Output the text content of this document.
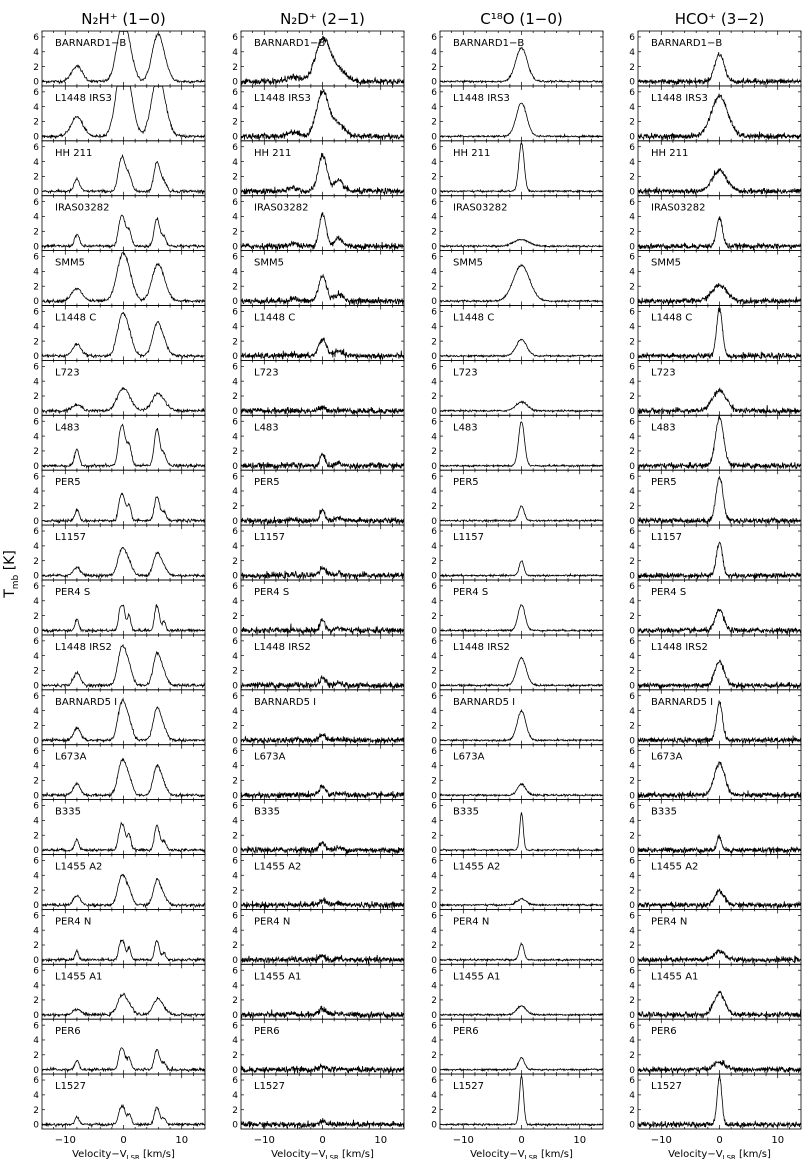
0
2
4
6 BARNARD1−B
0
2
4
6 L1448 IRS3
0
2
4
6 HH 211
0
2
4
6 IRAS03282
0
2
4
6 SMM5
0
2
4
6 L1448 C
0
2
4
6 L723
0
2
4
6 L483
0
2
4
6 PER5
0
2
4
6 L1157
0
2
4
6 PER4 S
0
2
4
6 L1448 IRS2
0
2
4
6 BARNARD5 I
0
2
4
6 L673A
0
2
4
6 B335
0
2
4
6 L1455 A2
0
2
4
6 PER4 N
0
2
4
6 L1455 A1
0
2
4
6 PER6
0
2
4
6 L1527
0
2
4
6 BARNARD1−B
0
2
4
6 L1448 IRS3
0
2
4
6 HH 211
0
2
4
6 IRAS03282
0
2
4
6 SMM5
0
2
4
6 L1448 C
0
2
4
6 L723
0
2
4
6 L483
0
2
4
6 PER5
0
2
4
6 L1157
0
2
4
6 PER4 S
0
2
4
6 L1448 IRS2
0
2
4
6 BARNARD5 I
0
2
4
6 L673A
0
2
4
6 B335
0
2
4
6 L1455 A2
0
2
4
6 PER4 N
0
2
4
6 L1455 A1
0
2
4
6 PER6
0
2
4
6 L1527
0
2
4
6 BARNARD1−B
0
2
4
6 L1448 IRS3
0
2
4
6 HH 211
0
2
4
6 IRAS03282
0
2
4
6 SMM5
0
2
4
6 L1448 C
0
2
4
6 L723
0
2
4
6 L483
0
2
4
6 PER5
0
2
4
6 L1157
0
2
4
6 PER4 S
0
2
4
6 L1448 IRS2
0
2
4
6 BARNARD5 I
0
2
4
6 L673A
0
2
4
6 B335
0
2
4
6 L1455 A2
0
2
4
6 PER4 N
0
2
4
6 L1455 A1
0
2
4
6 PER6
0
2
4
6 L1527
0
2
4
6 BARNARD1−B
0
2
4
6 L1448 IRS3
0
2
4
6 HH 211
0
2
4
6 IRAS03282
0
2
4
6 SMM5
0
2
4
6 L1448 C
0
2
4
6 L723
0
2
4
6 L483
0
2
4
6 PER5
0
2
4
6 L1157
0
2
4
6 PER4 S
0
2
4
6 L1448 IRS2
0
2
4
6 BARNARD5 I
0
2
4
6 L673A
0
2
4
6 B335
0
2
4
6 L1455 A2
0
2
4
6 PER4 N
0
2
4
6 L1455 A1
0
2
4
6 PER6
0
2
4
6 L1527
N₂H⁺ (1−0)
−10	0	10
$Velocity-V_{LSR}$ [km/s]
N₂D⁺ (2−1)
−10	0	10
$Velocity-V_{LSR}$ [km/s]
C¹⁸O (1−0)
−10	0	10
$Velocity-V_{LSR}$ [km/s]
HCO⁺ (3−2)
−10	0	10
$Velocity-V_{LSR}$ [km/s]
$T_{mb}$ [K]
